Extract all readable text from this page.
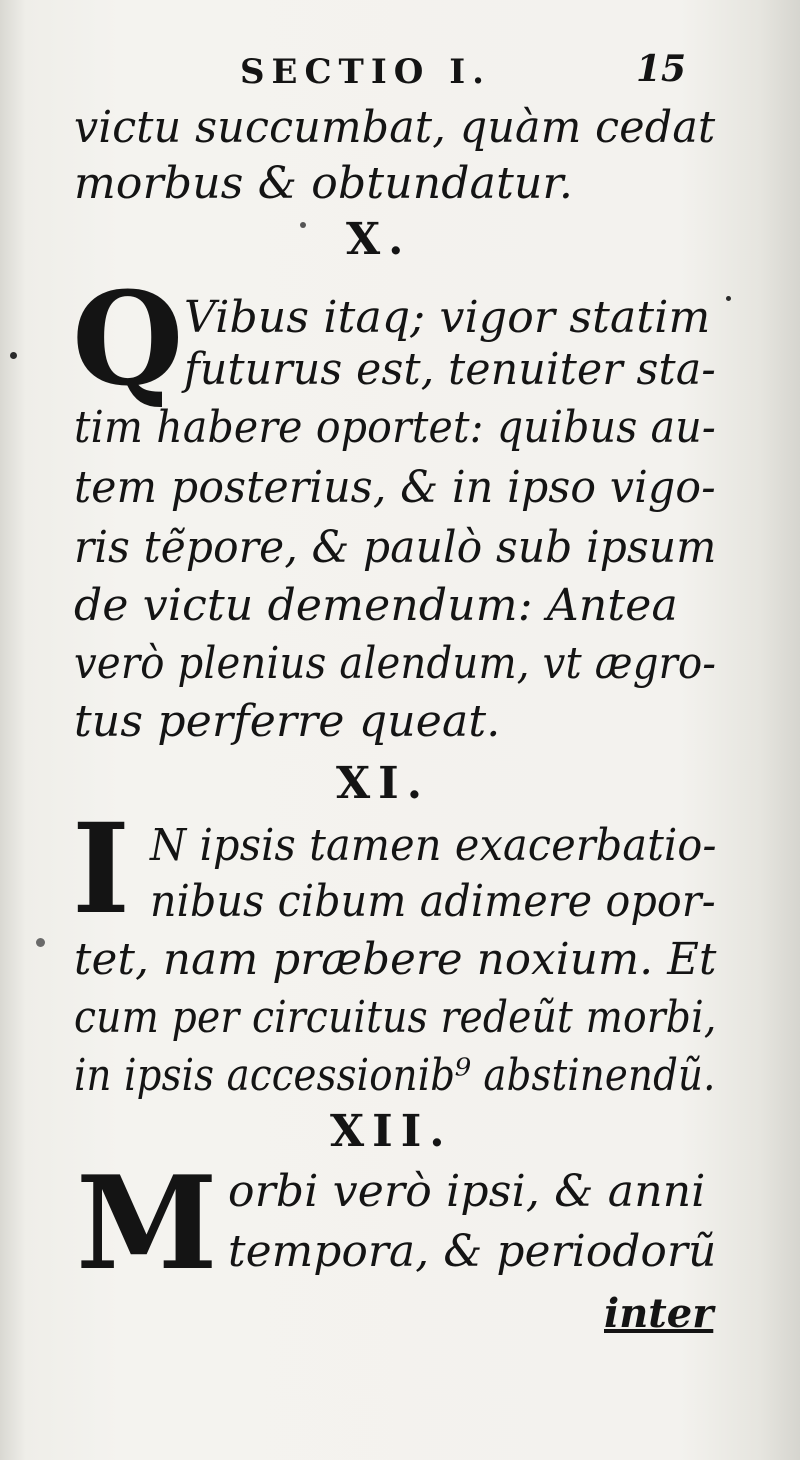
SECTIO I.	15
victu succumbat, quàm cedat
morbus & obtundatur.
X.
Q Vibus itaq; vigor statim
futurus est, tenuiter sta-
tim habere oportet: quibus au-
tem posterius, & in ipso vigo-
ris tẽpore, & paulò sub ipsum
de victu demendum: Antea
verò plenius alendum, vt ægro-
tus perferre queat.
XI.
I N ipsis tamen exacerbatio-
nibus cibum adimere opor-
tet, nam præbere noxium. Et
cum per circuitus redeũt morbi,
in ipsis accessionib⁹ abstinendũ.
XII.
M orbi verò ipsi, & anni
tempora, & periodorũ
inter
